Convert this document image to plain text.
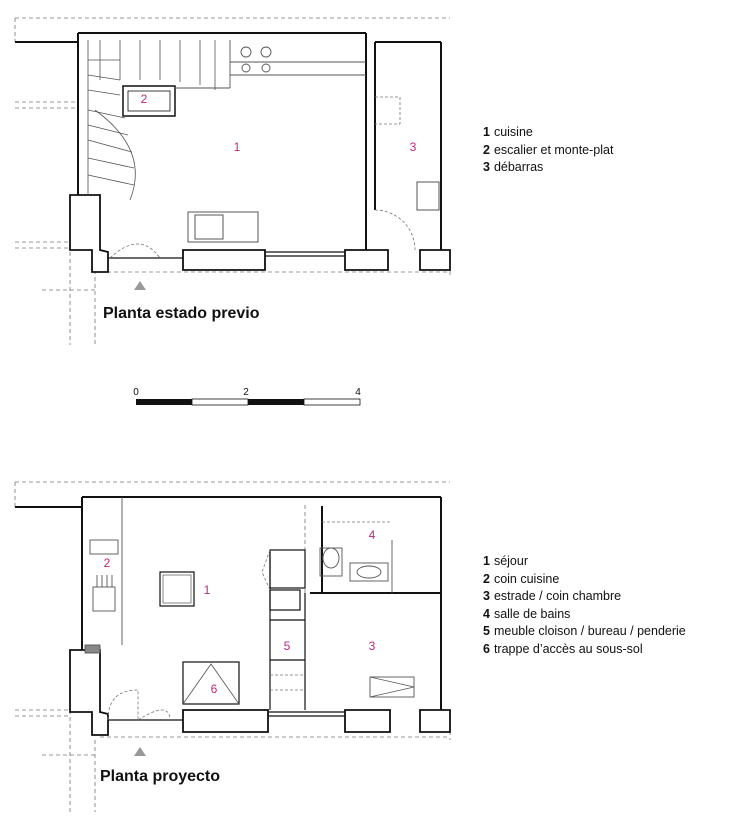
2
1	3
0	2	4
2
1
4
5	3
6
Planta estado previo
Planta proyecto
1 cuisine
2 escalier et monte-plat
3 débarras
1 séjour
2 coin cuisine
3 estrade / coin chambre
4 salle de bains
5 meuble cloison / bureau / penderie
6 trappe d’accès au sous-sol
